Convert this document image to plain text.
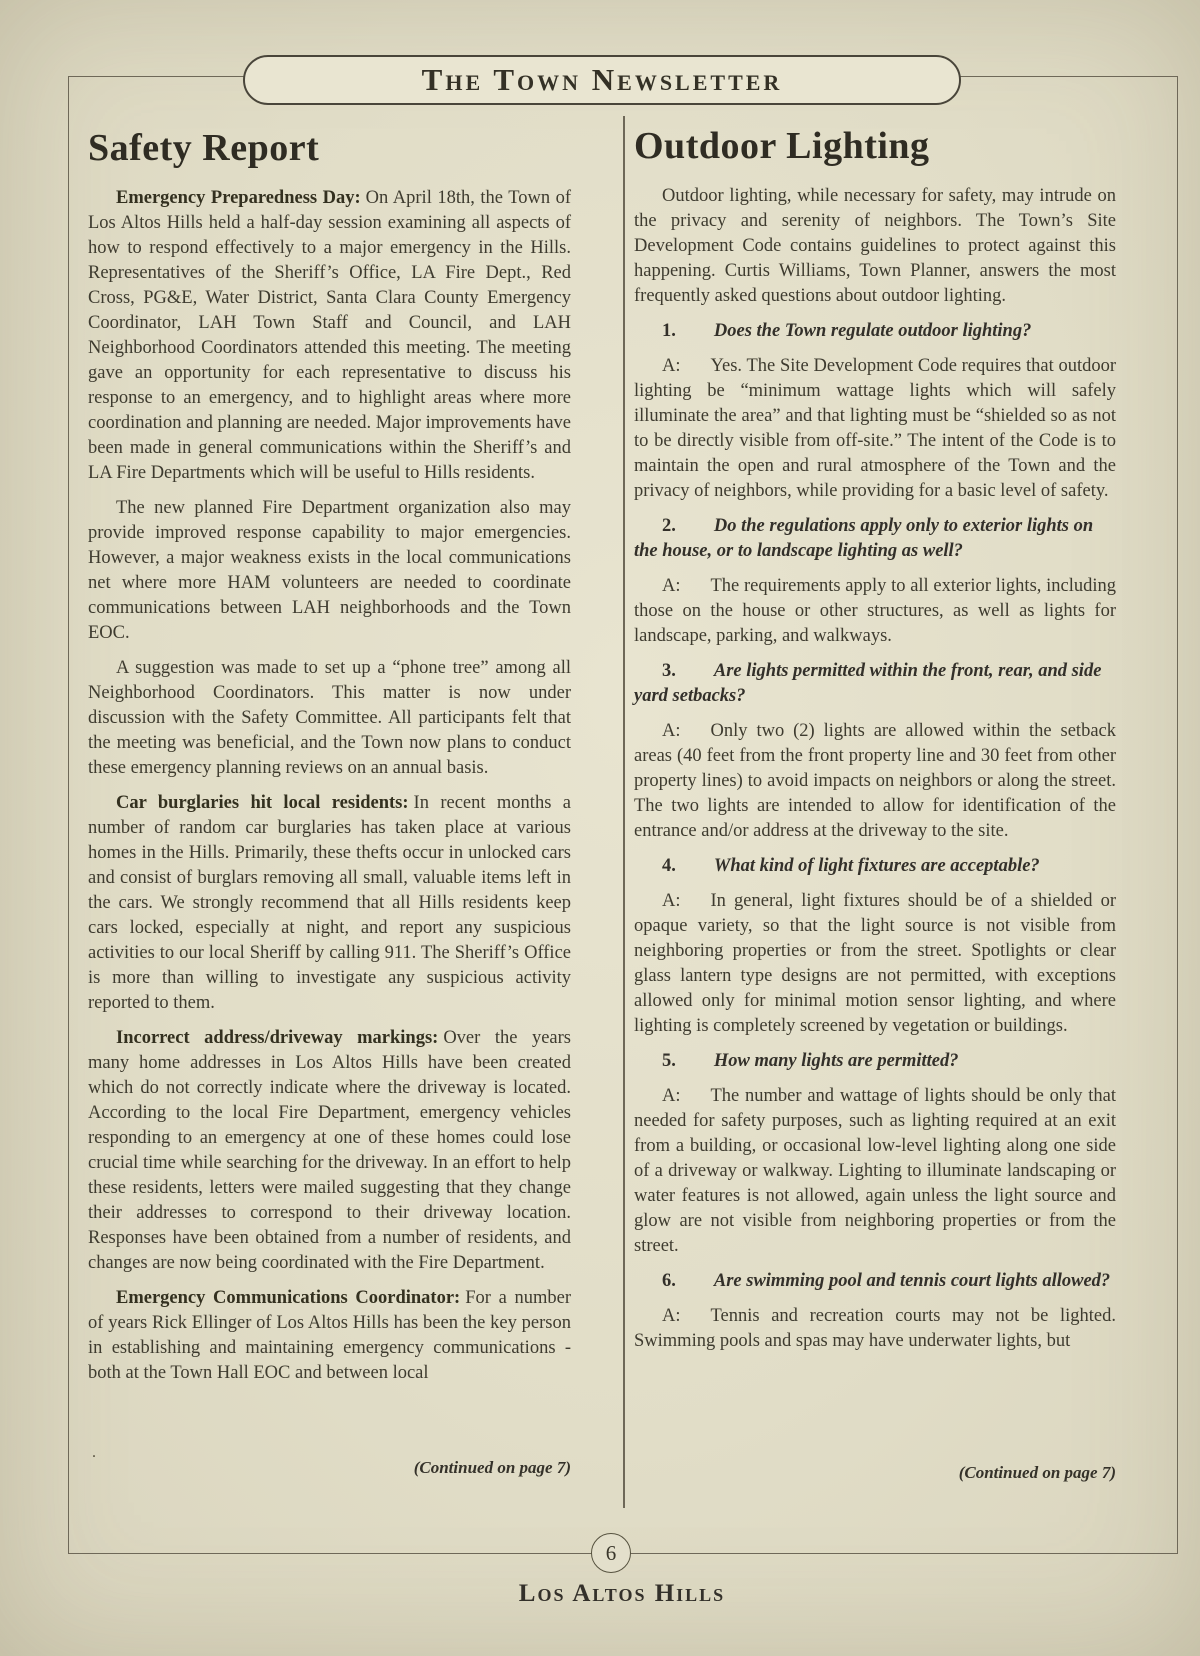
The Town Newsletter
Safety Report

Emergency Preparedness Day: On April 18th, the Town of Los Altos Hills held a half-day session examining all aspects of how to respond effectively to a major emergency in the Hills. Representatives of the Sheriff’s Office, LA Fire Dept., Red Cross, PG&E, Water District, Santa Clara County Emergency Coordinator, LAH Town Staff and Council, and LAH Neighborhood Coordinators attended this meeting. The meeting gave an opportunity for each representative to discuss his response to an emergency, and to highlight areas where more coordination and planning are needed. Major improvements have been made in general communications within the Sheriff’s and LA Fire Departments which will be useful to Hills residents.

The new planned Fire Department organization also may provide improved response capability to major emergencies. However, a major weakness exists in the local communications net where more HAM volunteers are needed to coordinate communications between LAH neighborhoods and the Town EOC.

A suggestion was made to set up a “phone tree” among all Neighborhood Coordinators. This matter is now under discussion with the Safety Committee. All participants felt that the meeting was beneficial, and the Town now plans to conduct these emergency planning reviews on an annual basis.

Car burglaries hit local residents: In recent months a number of random car burglaries has taken place at various homes in the Hills. Primarily, these thefts occur in unlocked cars and consist of burglars removing all small, valuable items left in the cars. We strongly recommend that all Hills residents keep cars locked, especially at night, and report any suspicious activities to our local Sheriff by calling 911. The Sheriff’s Office is more than willing to investigate any suspicious activity reported to them.

Incorrect address/driveway markings: Over the years many home addresses in Los Altos Hills have been created which do not correctly indicate where the driveway is located. According to the local Fire Department, emergency vehicles responding to an emergency at one of these homes could lose crucial time while searching for the driveway. In an effort to help these residents, letters were mailed suggesting that they change their addresses to correspond to their driveway location. Responses have been obtained from a number of residents, and changes are now being coordinated with the Fire Department.

Emergency Communications Coordinator: For a number of years Rick Ellinger of Los Altos Hills has been the key person in establishing and maintaining emergency communications - both at the Town Hall EOC and between local

Outdoor Lighting

Outdoor lighting, while necessary for safety, may intrude on the privacy and serenity of neighbors. The Town’s Site Development Code contains guidelines to protect against this happening. Curtis Williams, Town Planner, answers the most frequently asked questions about outdoor lighting.

1. Does the Town regulate outdoor lighting?

A: Yes. The Site Development Code requires that outdoor lighting be “minimum wattage lights which will safely illuminate the area” and that lighting must be “shielded so as not to be directly visible from off-site.” The intent of the Code is to maintain the open and rural atmosphere of the Town and the privacy of neighbors, while providing for a basic level of safety.

2. Do the regulations apply only to exterior lights on the house, or to landscape lighting as well?

A: The requirements apply to all exterior lights, including those on the house or other structures, as well as lights for landscape, parking, and walkways.

3. Are lights permitted within the front, rear, and side yard setbacks?

A: Only two (2) lights are allowed within the setback areas (40 feet from the front property line and 30 feet from other property lines) to avoid impacts on neighbors or along the street. The two lights are intended to allow for identification of the entrance and/or address at the driveway to the site.

4. What kind of light fixtures are acceptable?

A: In general, light fixtures should be of a shielded or opaque variety, so that the light source is not visible from neighboring properties or from the street. Spotlights or clear glass lantern type designs are not permitted, with exceptions allowed only for minimal motion sensor lighting, and where lighting is completely screened by vegetation or buildings.

5. How many lights are permitted?

A: The number and wattage of lights should be only that needed for safety purposes, such as lighting required at an exit from a building, or occasional low-level lighting along one side of a driveway or walkway. Lighting to illuminate landscaping or water features is not allowed, again unless the light source and glow are not visible from neighboring properties or from the street.

6. Are swimming pool and tennis court lights allowed?

A: Tennis and recreation courts may not be lighted. Swimming pools and spas may have underwater lights, but

.
(Continued on page 7)	(Continued on page 7)
6
Los Altos Hills
